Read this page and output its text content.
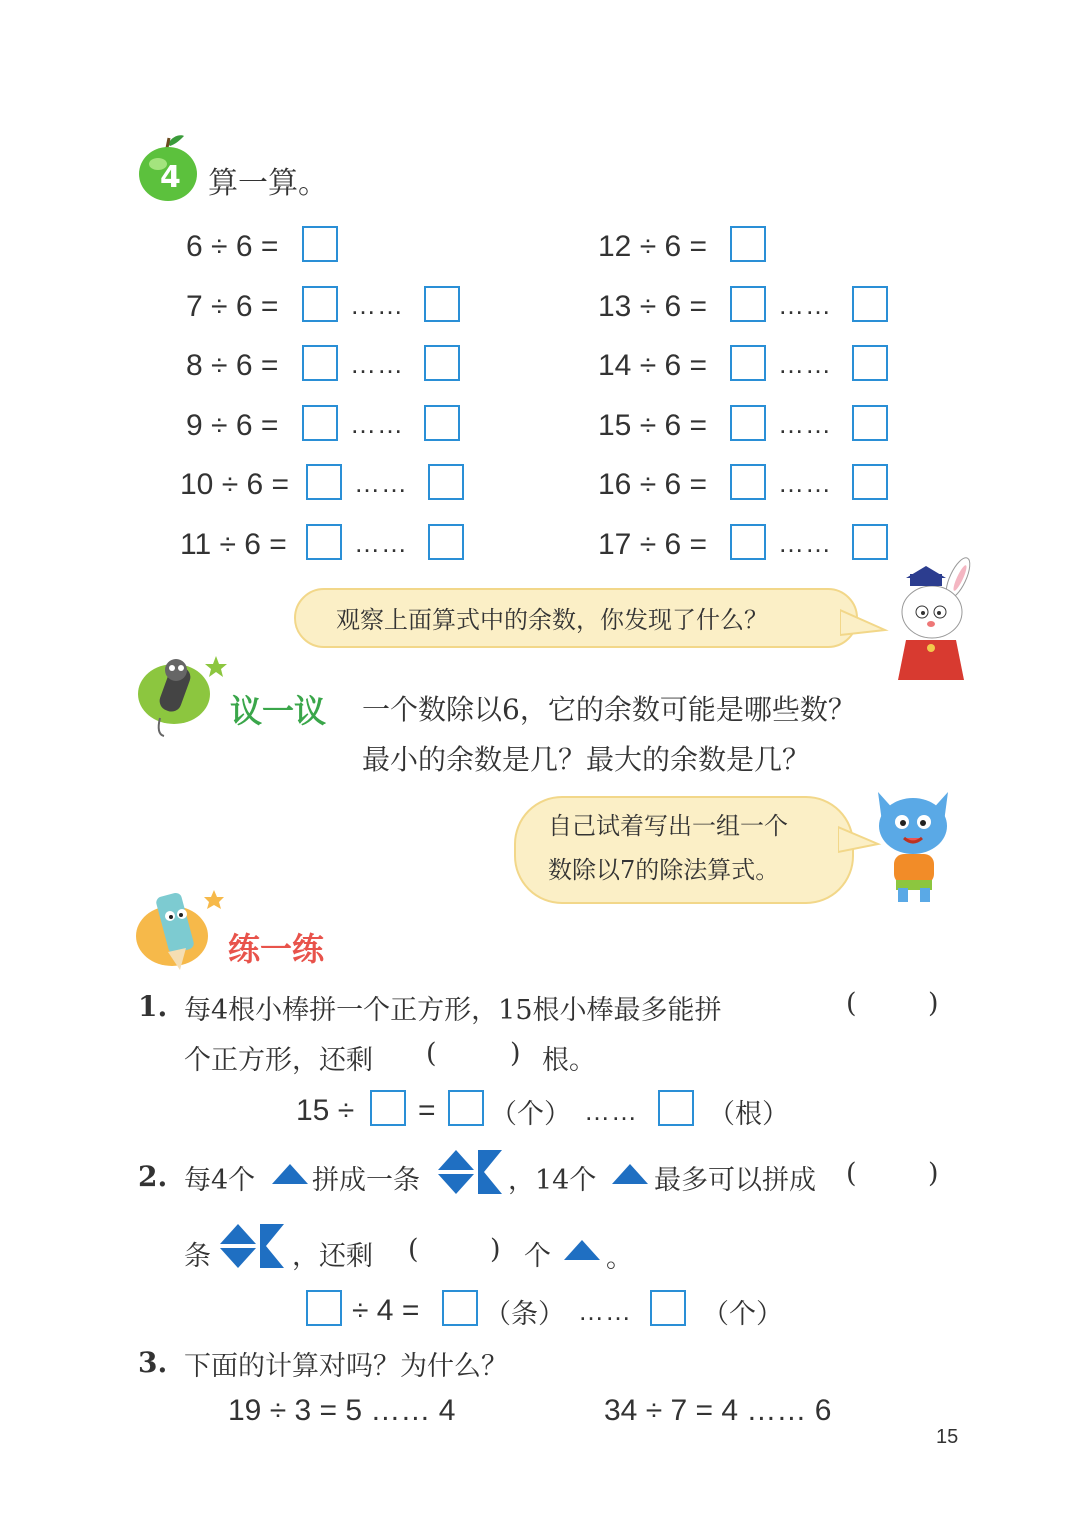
4 算一算。
6 ÷ 6 =
7 ÷ 6 =	……
8 ÷ 6 =	……
9 ÷ 6 =	……
10 ÷ 6 = ……
11 ÷ 6 =	……
12 ÷ 6 =
13 ÷ 6 =	……
14 ÷ 6 =	……
15 ÷ 6 =	……
16 ÷ 6 =	……
17 ÷ 6 =	……
观察上面算式中的余数，你发现了什么？
议一议 一个数除以6，它的余数可能是哪些数？
最小的余数是几？最大的余数是几？
自己试着写出一组一个
数除以7的除法算式。
练一练
1. 每4根小棒拼一个正方形，15根小棒最多能拼	(	)
个正方形，还剩 (	) 根。
15 ÷ = （个） ……	（根）
2. 每4个 拼成一条	，14个 最多可以拼成 (	)
条	，还剩 (	) 个 。
÷ 4 = （条） ……	（个）
3. 下面的计算对吗？为什么？
19 ÷ 3 = 5 …… 4	34 ÷ 7 = 4 …… 6
15
